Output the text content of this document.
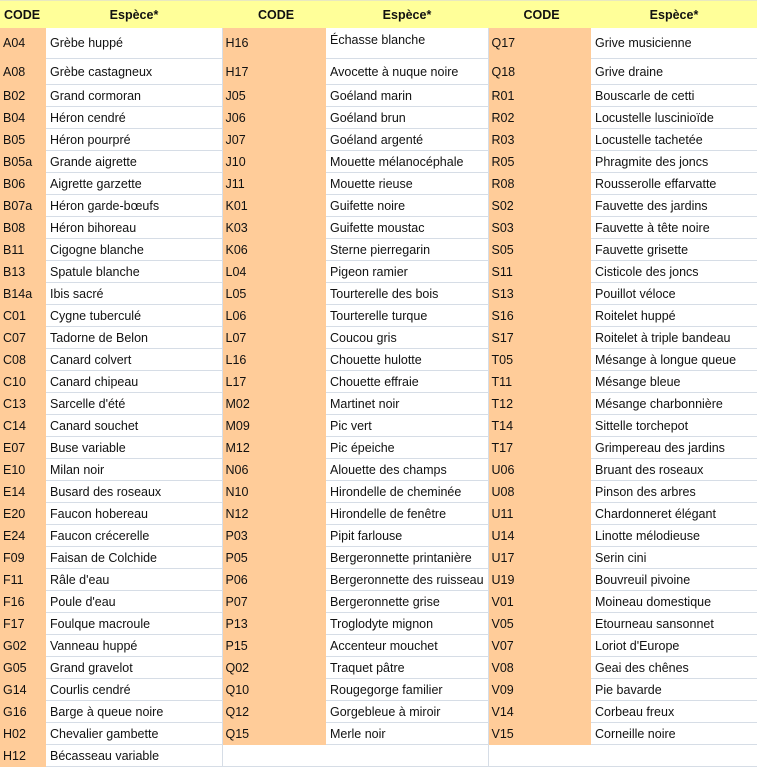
CODE	Espèce*	CODE	Espèce*	CODE	Espèce*
A04	Grèbe huppé	H16	Échasse blanche	Q17	Grive musicienne
A08	Grèbe castagneux	H17	Avocette à nuque noire	Q18	Grive draine
B02	Grand cormoran	J05	Goéland marin	R01	Bouscarle de cetti
B04	Héron cendré	J06	Goéland brun	R02	Locustelle luscinioïde
B05	Héron pourpré	J07	Goéland argenté	R03	Locustelle tachetée
B05a	Grande aigrette	J10	Mouette mélanocéphale	R05	Phragmite des joncs
B06	Aigrette garzette	J11	Mouette rieuse	R08	Rousserolle effarvatte
B07a	Héron garde-bœufs	K01	Guifette noire	S02	Fauvette des jardins
B08	Héron bihoreau	K03	Guifette moustac	S03	Fauvette à tête noire
B11	Cigogne blanche	K06	Sterne pierregarin	S05	Fauvette grisette
B13	Spatule blanche	L04	Pigeon ramier	S11	Cisticole des joncs
B14a	Ibis sacré	L05	Tourterelle des bois	S13	Pouillot véloce
C01	Cygne tuberculé	L06	Tourterelle turque	S16	Roitelet huppé
C07	Tadorne de Belon	L07	Coucou gris	S17	Roitelet à triple bandeau
C08	Canard colvert	L16	Chouette hulotte	T05	Mésange à longue queue
C10	Canard chipeau	L17	Chouette effraie	T11	Mésange bleue
C13	Sarcelle d'été	M02	Martinet noir	T12	Mésange charbonnière
C14	Canard souchet	M09	Pic vert	T14	Sittelle torchepot
E07	Buse variable	M12	Pic épeiche	T17	Grimpereau des jardins
E10	Milan noir	N06	Alouette des champs	U06	Bruant des roseaux
E14	Busard des roseaux	N10	Hirondelle de cheminée	U08	Pinson des arbres
E20	Faucon hobereau	N12	Hirondelle de fenêtre	U11	Chardonneret élégant
E24	Faucon crécerelle	P03	Pipit farlouse	U14	Linotte mélodieuse
F09	Faisan de Colchide	P05	Bergeronnette printanière	U17	Serin cini
F11	Râle d'eau	P06	Bergeronnette des ruisseau	U19	Bouvreuil pivoine
F16	Poule d'eau	P07	Bergeronnette grise	V01	Moineau domestique
F17	Foulque macroule	P13	Troglodyte mignon	V05	Etourneau sansonnet
G02	Vanneau huppé	P15	Accenteur mouchet	V07	Loriot d'Europe
G05	Grand gravelot	Q02	Traquet pâtre	V08	Geai des chênes
G14	Courlis cendré	Q10	Rougegorge familier	V09	Pie bavarde
G16	Barge à queue noire	Q12	Gorgebleue à miroir	V14	Corbeau freux
H02	Chevalier gambette	Q15	Merle noir	V15	Corneille noire
H12	Bécasseau variable				
